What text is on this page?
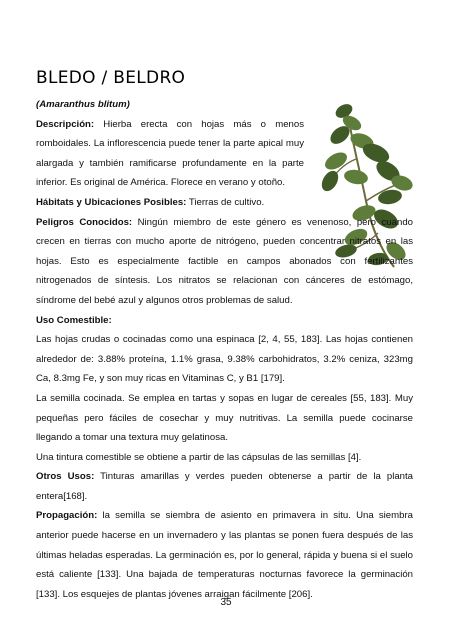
BLEDO / BELDRO

(Amaranthus blitum)

Descripción: Hierba erecta con hojas más o menos romboidales. La inflorescencia puede tener la parte apical muy alargada y también ramificarse profundamente en la parte inferior. Es original de América. Florece en verano y otoño.

Hábitats y Ubicaciones Posibles: Tierras de cultivo.

Peligros Conocidos: Ningún miembro de este género es venenoso, pero cuando crecen en tierras con mucho aporte de nitrógeno, pueden concentrar nitratos en las hojas. Esto es especialmente factible en campos abonados con fertilizantes nitrogenados de síntesis. Los nitratos se relacionan con cánceres de estómago, síndrome del bebé azul y algunos otros problemas de salud.

Uso Comestible:

Las hojas crudas o cocinadas como una espinaca [2, 4, 55, 183]. Las hojas contienen alrededor de: 3.88% proteína, 1.1% grasa, 9.38% carbohidratos, 3.2% ceniza, 323mg Ca, 8.3mg Fe, y son muy ricas en Vitaminas C, y B1 [179].

La semilla cocinada. Se emplea en tartas y sopas en lugar de cereales [55, 183]. Muy pequeñas pero fáciles de cosechar y muy nutritivas. La semilla puede cocinarse llegando a tomar una textura muy gelatinosa.

Una tintura comestible se obtiene a partir de las cápsulas de las semillas [4].

Otros Usos: Tinturas amarillas y verdes pueden obtenerse a partir de la planta entera[168].

Propagación: la semilla se siembra de asiento en primavera in situ. Una siembra anterior puede hacerse en un invernadero y las plantas se ponen fuera después de las últimas heladas esperadas. La germinación es, por lo general, rápida y buena si el suelo está caliente [133]. Una bajada de temperaturas nocturnas favorece la germinación [133]. Los esquejes de plantas jóvenes arraigan fácilmente [206].

35
